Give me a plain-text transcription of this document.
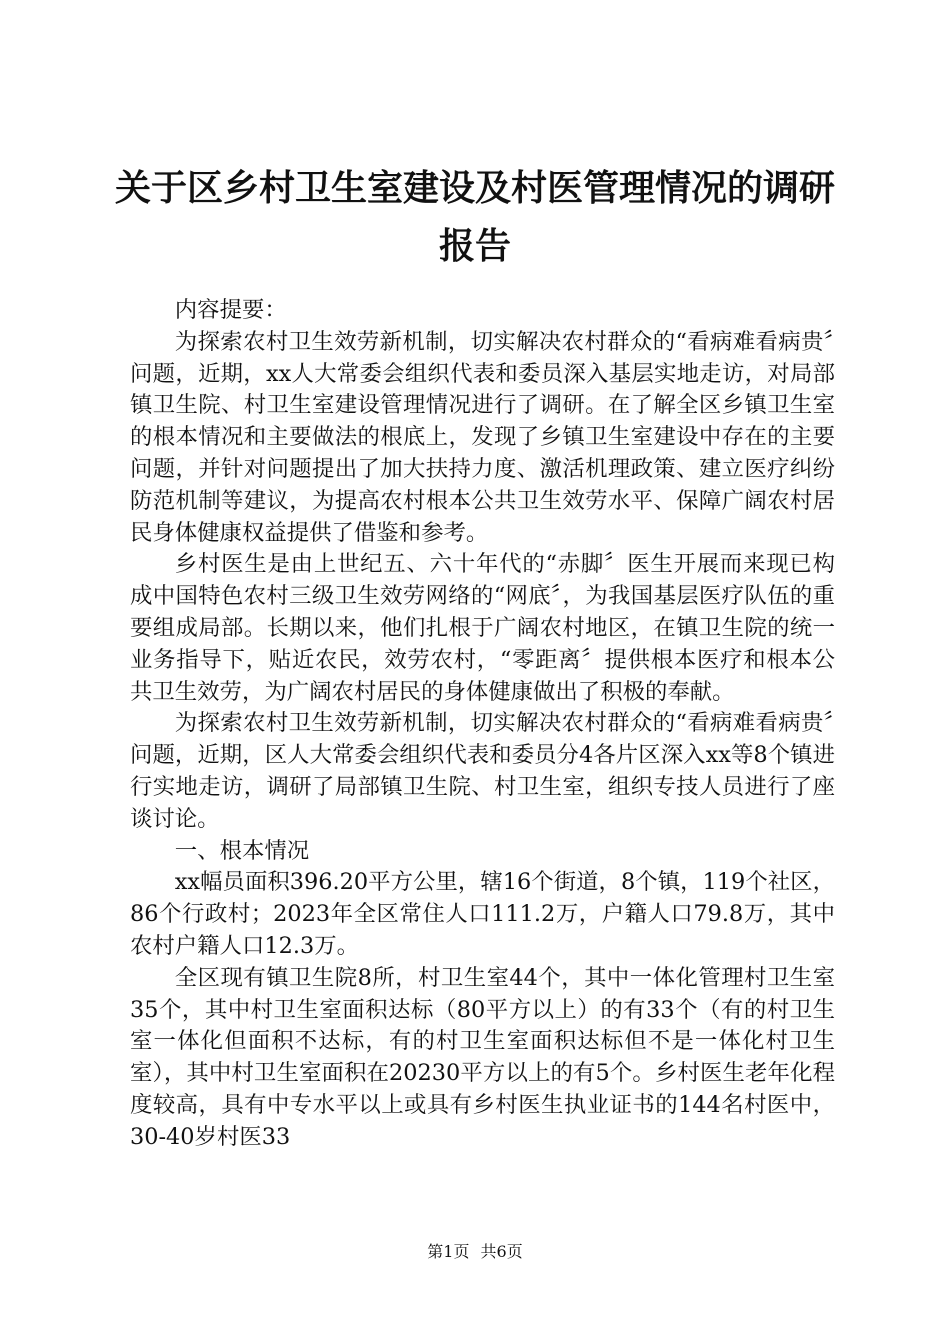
关于区乡村卫生室建设及村医管理情况的调研报告

内容提要：

为探索农村卫生效劳新机制，切实解决农村群众的“看病难看病贵〞问题，近期，xx人大常委会组织代表和委员深入基层实地走访，对局部镇卫生院、村卫生室建设管理情况进行了调研。在了解全区乡镇卫生室的根本情况和主要做法的根底上，发现了乡镇卫生室建设中存在的主要问题，并针对问题提出了加大扶持力度、激活机理政策、建立医疗纠纷防范机制等建议，为提高农村根本公共卫生效劳水平、保障广阔农村居民身体健康权益提供了借鉴和参考。

乡村医生是由上世纪五、六十年代的“赤脚〞医生开展而来现已构成中国特色农村三级卫生效劳网络的“网底〞，为我国基层医疗队伍的重要组成局部。长期以来，他们扎根于广阔农村地区，在镇卫生院的统一业务指导下，贴近农民，效劳农村，“零距离〞提供根本医疗和根本公共卫生效劳，为广阔农村居民的身体健康做出了积极的奉献。

为探索农村卫生效劳新机制，切实解决农村群众的“看病难看病贵〞问题，近期，区人大常委会组织代表和委员分4各片区深入xx等8个镇进行实地走访，调研了局部镇卫生院、村卫生室，组织专技人员进行了座谈讨论。

一、根本情况

xx幅员面积396.20平方公里，辖16个街道，8个镇，119个社区，86个行政村；2023年全区常住人口111.2万，户籍人口79.8万，其中农村户籍人口12.3万。

全区现有镇卫生院8所，村卫生室44个，其中一体化管理村卫生室35个，其中村卫生室面积达标（80平方以上）的有33个（有的村卫生室一体化但面积不达标，有的村卫生室面积达标但不是一体化村卫生室），其中村卫生室面积在20230平方以上的有5个。乡村医生老年化程度较高，具有中专水平以上或具有乡村医生执业证书的144名村医中，30-40岁村医33

第1页 共6页
